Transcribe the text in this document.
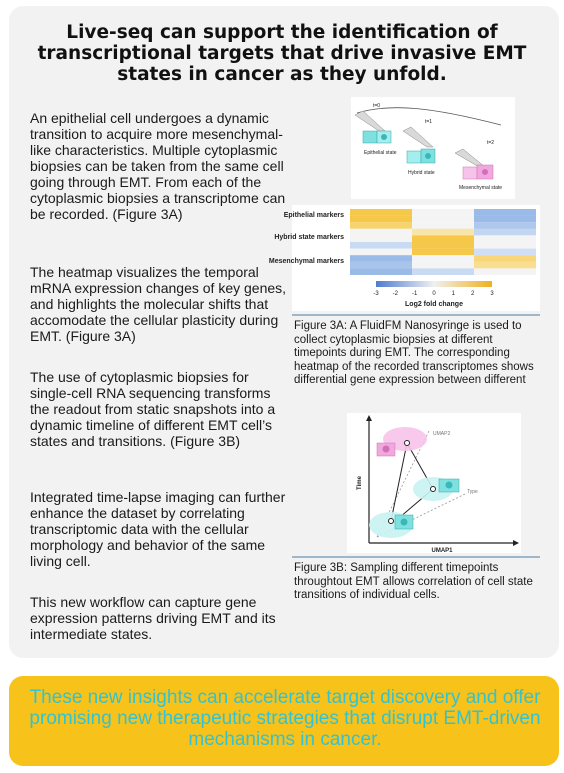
Live-seq can support the identification of transcriptional targets that drive invasive EMT states in cancer as they unfold.
An epithelial cell undergoes a dynamic transition to acquire more mesenchymal-like characteristics. Multiple cytoplasmic biopsies can be taken from the same cell going through EMT. From each of the cytoplasmic biopsies a transcriptome can be recorded. (Figure 3A)
The heatmap visualizes the temporal mRNA expression changes of key genes, and highlights the molecular shifts that accomodate the cellular plasticity during EMT. (Figure 3A)
The use of cytoplasmic biopsies for single-cell RNA sequencing transforms the readout from static snapshots into a dynamic timeline of different EMT cell’s states and transitions. (Figure 3B)
Integrated time-lapse imaging can further enhance the dataset by correlating transcriptomic data with the cellular morphology and behavior of the same living cell.
This new workflow can capture gene expression patterns driving EMT and its intermediate states.
t=0
t=1
t=2
Epithelial state
Hybrid state
Mesenchymal state
Epithelial markers
Hybrid state markers
Mesenchymal markers
-3 -2 -1 0	1	2	3
Log2 fold change
Figure 3A: A FluidFM Nanosyringe is used to collect cytoplasmic biopsies at different timepoints during EMT. The corresponding heatmap of the recorded transcriptomes shows differential gene expression between different
Time
UMAP1
UMAP2
Type
Figure 3B: Sampling different timepoints throughtout EMT allows correlation of cell state transitions of individual cells.
These new insights can accelerate target discovery and offer promising new therapeutic strategies that disrupt EMT-driven mechanisms in cancer.
